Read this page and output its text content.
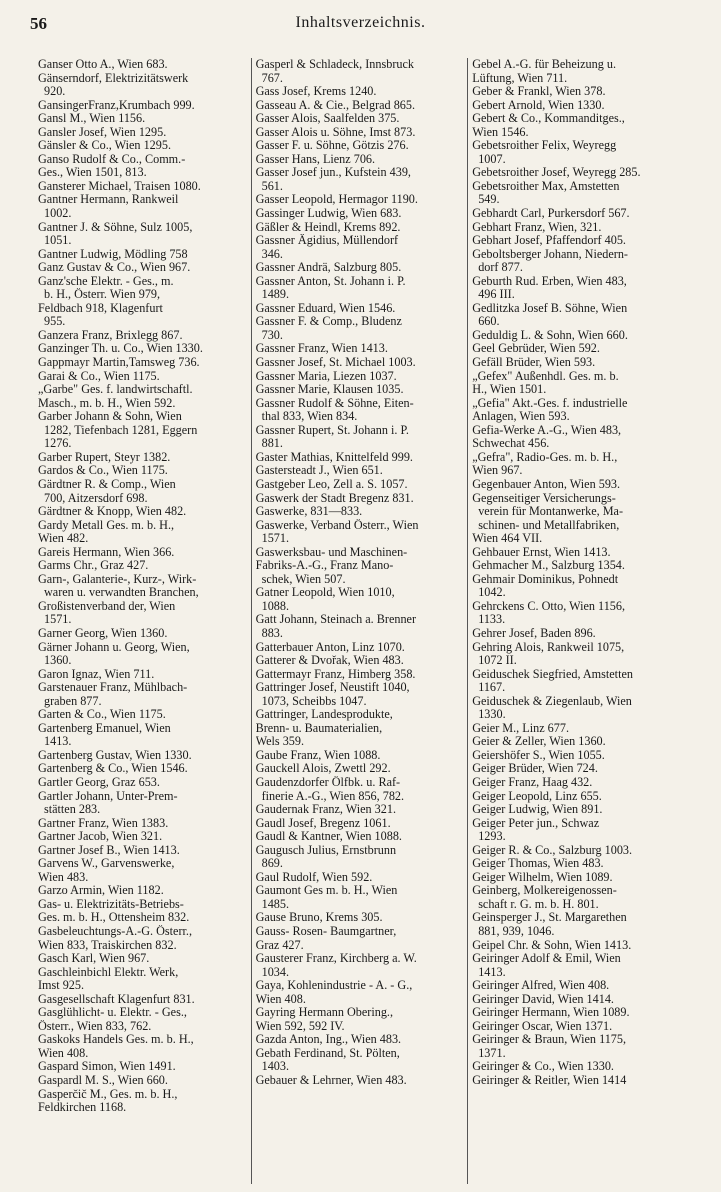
56	Inhaltsverzeichnis.
Ganser Otto A., Wien 683.
Gänserndorf, Elektrizitätswerk
920.
GansingerFranz,Krumbach 999.
Gansl M., Wien 1156.
Gansler Josef, Wien 1295.
Gänsler & Co., Wien 1295.
Ganso Rudolf & Co., Comm.-
Ges., Wien 1501, 813.
Gansterer Michael, Traisen 1080.
Gantner Hermann, Rankweil
1002.
Gantner J. & Söhne, Sulz 1005,
1051.
Gantner Ludwig, Mödling 758
Ganz Gustav & Co., Wien 967.
Ganz'sche Elektr. - Ges., m.
b. H., Österr. Wien 979,
Feldbach 918, Klagenfurt
955.
Ganzera Franz, Brixlegg 867.
Ganzinger Th. u. Co., Wien 1330.
Gappmayr Martin,Tamsweg 736.
Garai & Co., Wien 1175.
„Garbe" Ges. f. landwirtschaftl.
Masch., m. b. H., Wien 592.
Garber Johann & Sohn, Wien
1282, Tiefenbach 1281, Eggern
1276.
Garber Rupert, Steyr 1382.
Gardos & Co., Wien 1175.
Gärdtner R. & Comp., Wien
700, Aitzersdorf 698.
Gärdtner & Knopp, Wien 482.
Gardy Metall Ges. m. b. H.,
Wien 482.
Gareis Hermann, Wien 366.
Garms Chr., Graz 427.
Garn-, Galanterie-, Kurz-, Wirk-
waren u. verwandten Branchen,
Großistenverband der, Wien
1571.
Garner Georg, Wien 1360.
Gärner Johann u. Georg, Wien,
1360.
Garon Ignaz, Wien 711.
Garstenauer Franz, Mühlbach-
graben 877.
Garten & Co., Wien 1175.
Gartenberg Emanuel, Wien
1413.
Gartenberg Gustav, Wien 1330.
Gartenberg & Co., Wien 1546.
Gartler Georg, Graz 653.
Gartler Johann, Unter-Prem-
stätten 283.
Gartner Franz, Wien 1383.
Gartner Jacob, Wien 321.
Gartner Josef B., Wien 1413.
Garvens W., Garvenswerke,
Wien 483.
Garzo Armin, Wien 1182.
Gas- u. Elektrizitäts-Betriebs-
Ges. m. b. H., Ottensheim 832.
Gasbeleuchtungs-A.-G. Österr.,
Wien 833, Traiskirchen 832.
Gasch Karl, Wien 967.
Gaschleinbichl Elektr. Werk,
Imst 925.
Gasgesellschaft Klagenfurt 831.
Gasglühlicht- u. Elektr. - Ges.,
Österr., Wien 833, 762.
Gaskoks Handels Ges. m. b. H.,
Wien 408.
Gaspard Simon, Wien 1491.
Gaspardl M. S., Wien 660.
Gasperčič M., Ges. m. b. H.,
Feldkirchen 1168.
Gasperl & Schladeck, Innsbruck
767.
Gass Josef, Krems 1240.
Gasseau A. & Cie., Belgrad 865.
Gasser Alois, Saalfelden 375.
Gasser Alois u. Söhne, Imst 873.
Gasser F. u. Söhne, Götzis 276.
Gasser Hans, Lienz 706.
Gasser Josef jun., Kufstein 439,
561.
Gasser Leopold, Hermagor 1190.
Gassinger Ludwig, Wien 683.
Gäßler & Heindl, Krems 892.
Gassner Ägidius, Müllendorf
346.
Gassner Andrä, Salzburg 805.
Gassner Anton, St. Johann i. P.
1489.
Gassner Eduard, Wien 1546.
Gassner F. & Comp., Bludenz
730.
Gassner Franz, Wien 1413.
Gassner Josef, St. Michael 1003.
Gassner Maria, Liezen 1037.
Gassner Marie, Klausen 1035.
Gassner Rudolf & Söhne, Eiten-
thal 833, Wien 834.
Gassner Rupert, St. Johann i. P.
881.
Gaster Mathias, Knittelfeld 999.
Gastersteadt J., Wien 651.
Gastgeber Leo, Zell a. S. 1057.
Gaswerk der Stadt Bregenz 831.
Gaswerke, 831—833.
Gaswerke, Verband Österr., Wien
1571.
Gaswerksbau- und Maschinen-
Fabriks-A.-G., Franz Mano-
schek, Wien 507.
Gatner Leopold, Wien 1010,
1088.
Gatt Johann, Steinach a. Brenner
883.
Gatterbauer Anton, Linz 1070.
Gatterer & Dvořak, Wien 483.
Gattermayr Franz, Himberg 358.
Gattringer Josef, Neustift 1040,
1073, Scheibbs 1047.
Gattringer, Landesprodukte,
Brenn- u. Baumaterialien,
Wels 359.
Gaube Franz, Wien 1088.
Gauckell Alois, Zwettl 292.
Gaudenzdorfer Ölfbk. u. Raf-
finerie A.-G., Wien 856, 782.
Gaudernak Franz, Wien 321.
Gaudl Josef, Bregenz 1061.
Gaudl & Kantner, Wien 1088.
Gaugusch Julius, Ernstbrunn
869.
Gaul Rudolf, Wien 592.
Gaumont Ges m. b. H., Wien
1485.
Gause Bruno, Krems 305.
Gauss- Rosen- Baumgartner,
Graz 427.
Gausterer Franz, Kirchberg a. W.
1034.
Gaya, Kohlenindustrie - A. - G.,
Wien 408.
Gayring Hermann Obering.,
Wien 592, 592 IV.
Gazda Anton, Ing., Wien 483.
Gebath Ferdinand, St. Pölten,
1403.
Gebauer & Lehrner, Wien 483.
Gebel A.-G. für Beheizung u.
Lüftung, Wien 711.
Geber & Frankl, Wien 378.
Gebert Arnold, Wien 1330.
Gebert & Co., Kommanditges.,
Wien 1546.
Gebetsroither Felix, Weyregg
1007.
Gebetsroither Josef, Weyregg 285.
Gebetsroither Max, Amstetten
549.
Gebhardt Carl, Purkersdorf 567.
Gebhart Franz, Wien, 321.
Gebhart Josef, Pfaffendorf 405.
Geboltsberger Johann, Niedern-
dorf 877.
Geburth Rud. Erben, Wien 483,
496 III.
Gedlitzka Josef B. Söhne, Wien
660.
Geduldig L. & Sohn, Wien 660.
Geel Gebrüder, Wien 592.
Gefäll Brüder, Wien 593.
„Gefex" Außenhdl. Ges. m. b.
H., Wien 1501.
„Gefia" Akt.-Ges. f. industrielle
Anlagen, Wien 593.
Gefia-Werke A.-G., Wien 483,
Schwechat 456.
„Gefra", Radio-Ges. m. b. H.,
Wien 967.
Gegenbauer Anton, Wien 593.
Gegenseitiger Versicherungs-
verein für Montanwerke, Ma-
schinen- und Metallfabriken,
Wien 464 VII.
Gehbauer Ernst, Wien 1413.
Gehmacher M., Salzburg 1354.
Gehmair Dominikus, Pohnedt
1042.
Gehrckens C. Otto, Wien 1156,
1133.
Gehrer Josef, Baden 896.
Gehring Alois, Rankweil 1075,
1072 II.
Geiduschek Siegfried, Amstetten
1167.
Geiduschek & Ziegenlaub, Wien
1330.
Geier M., Linz 677.
Geier & Zeller, Wien 1360.
Geiershöfer S., Wien 1055.
Geiger Brüder, Wien 724.
Geiger Franz, Haag 432.
Geiger Leopold, Linz 655.
Geiger Ludwig, Wien 891.
Geiger Peter jun., Schwaz
1293.
Geiger R. & Co., Salzburg 1003.
Geiger Thomas, Wien 483.
Geiger Wilhelm, Wien 1089.
Geinberg, Molkereigenossen-
schaft r. G. m. b. H. 801.
Geinsperger J., St. Margarethen
881, 939, 1046.
Geipel Chr. & Sohn, Wien 1413.
Geiringer Adolf & Emil, Wien
1413.
Geiringer Alfred, Wien 408.
Geiringer David, Wien 1414.
Geiringer Hermann, Wien 1089.
Geiringer Oscar, Wien 1371.
Geiringer & Braun, Wien 1175,
1371.
Geiringer & Co., Wien 1330.
Geiringer & Reitler, Wien 1414
